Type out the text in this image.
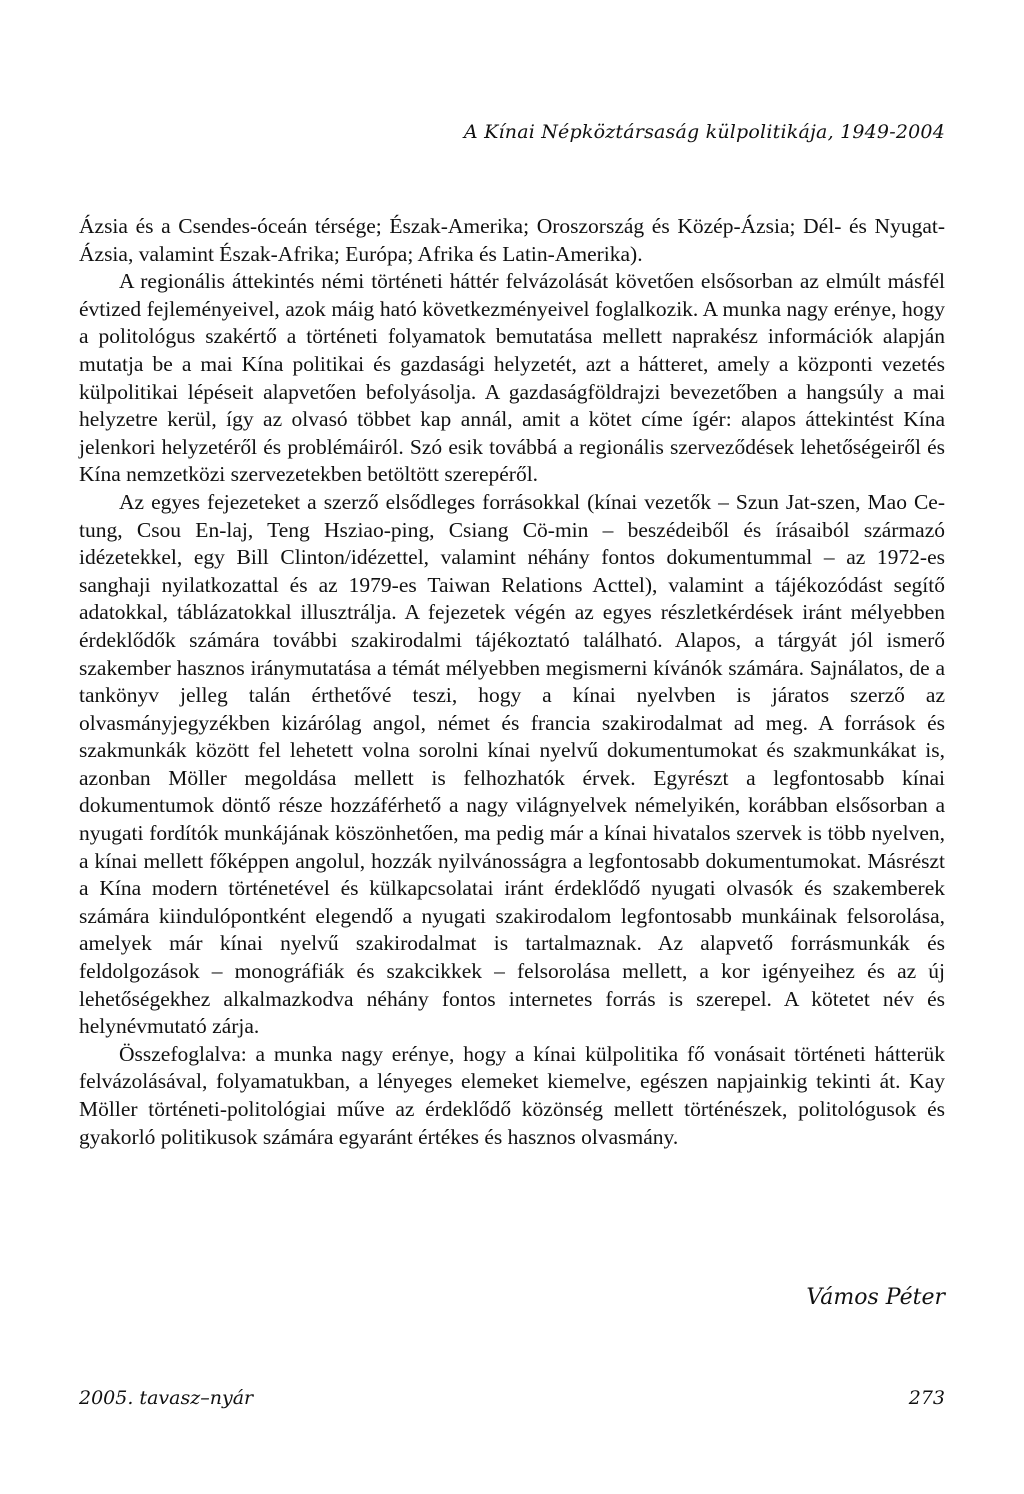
A Kínai Népköztársaság külpolitikája, 1949-2004

Ázsia és a Csendes-óceán térsége; Észak-Amerika; Oroszország és Közép-Ázsia; Dél- és Nyugat-Ázsia, valamint Észak-Afrika; Európa; Afrika és Latin-Amerika).

A regionális áttekintés némi történeti háttér felvázolását követően elsősorban az elmúlt másfél évtized fejleményeivel, azok máig ható következményeivel foglalkozik. A munka nagy erénye, hogy a politológus szakértő a történeti folyamatok bemutatása mellett naprakész információk alapján mutatja be a mai Kína politikai és gazdasági helyzetét, azt a hátteret, amely a központi vezetés külpolitikai lépéseit alapvetően befolyásolja. A gazdaságföldrajzi bevezetőben a hangsúly a mai helyzetre kerül, így az olvasó többet kap annál, amit a kötet címe ígér: alapos áttekintést Kína jelenkori helyzetéről és problémáiról. Szó esik továbbá a regionális szerveződések lehetőségeiről és Kína nemzetközi szervezetekben betöltött szerepéről.

Az egyes fejezeteket a szerző elsődleges forrásokkal (kínai vezetők – Szun Jat-szen, Mao Ce-tung, Csou En-laj, Teng Hsziao-ping, Csiang Cö-min – beszédeiből és írásaiból származó idézetekkel, egy Bill Clinton/idézettel, valamint néhány fontos dokumentummal – az 1972-es sanghaji nyilatkozattal és az 1979-es Taiwan Relations Acttel), valamint a tájékozódást segítő adatokkal, táblázatokkal illusztrálja. A fejezetek végén az egyes részletkérdések iránt mélyebben érdeklődők számára további szakirodalmi tájékoztató található. Alapos, a tárgyát jól ismerő szakember hasznos iránymutatása a témát mélyebben megismerni kívánók számára. Sajnálatos, de a tankönyv jelleg talán érthetővé teszi, hogy a kínai nyelvben is járatos szerző az olvasmányjegyzékben kizárólag angol, német és francia szakirodalmat ad meg. A források és szakmunkák között fel lehetett volna sorolni kínai nyelvű dokumentumokat és szakmunkákat is, azonban Möller megoldása mellett is felhozhatók érvek. Egyrészt a legfontosabb kínai dokumentumok döntő része hozzáférhető a nagy világnyelvek némelyikén, korábban elsősorban a nyugati fordítók munkájának köszönhetően, ma pedig már a kínai hivatalos szervek is több nyelven, a kínai mellett főképpen angolul, hozzák nyilvánosságra a legfontosabb dokumentumokat. Másrészt a Kína modern történetével és külkapcsolatai iránt érdeklődő nyugati olvasók és szakemberek számára kiindulópontként elegendő a nyugati szakirodalom legfontosabb munkáinak felsorolása, amelyek már kínai nyelvű szakirodalmat is tartalmaznak. Az alapvető forrásmunkák és feldolgozások – monográfiák és szakcikkek – felsorolása mellett, a kor igényeihez és az új lehetőségekhez alkalmazkodva néhány fontos internetes forrás is szerepel. A kötetet név és helynévmutató zárja.

Összefoglalva: a munka nagy erénye, hogy a kínai külpolitika fő vonásait történeti hátterük felvázolásával, folyamatukban, a lényeges elemeket kiemelve, egészen napjainkig tekinti át. Kay Möller történeti-politológiai műve az érdeklődő közönség mellett történészek, politológusok és gyakorló politikusok számára egyaránt értékes és hasznos olvasmány.

Vámos Péter
2005. tavasz–nyár	273
